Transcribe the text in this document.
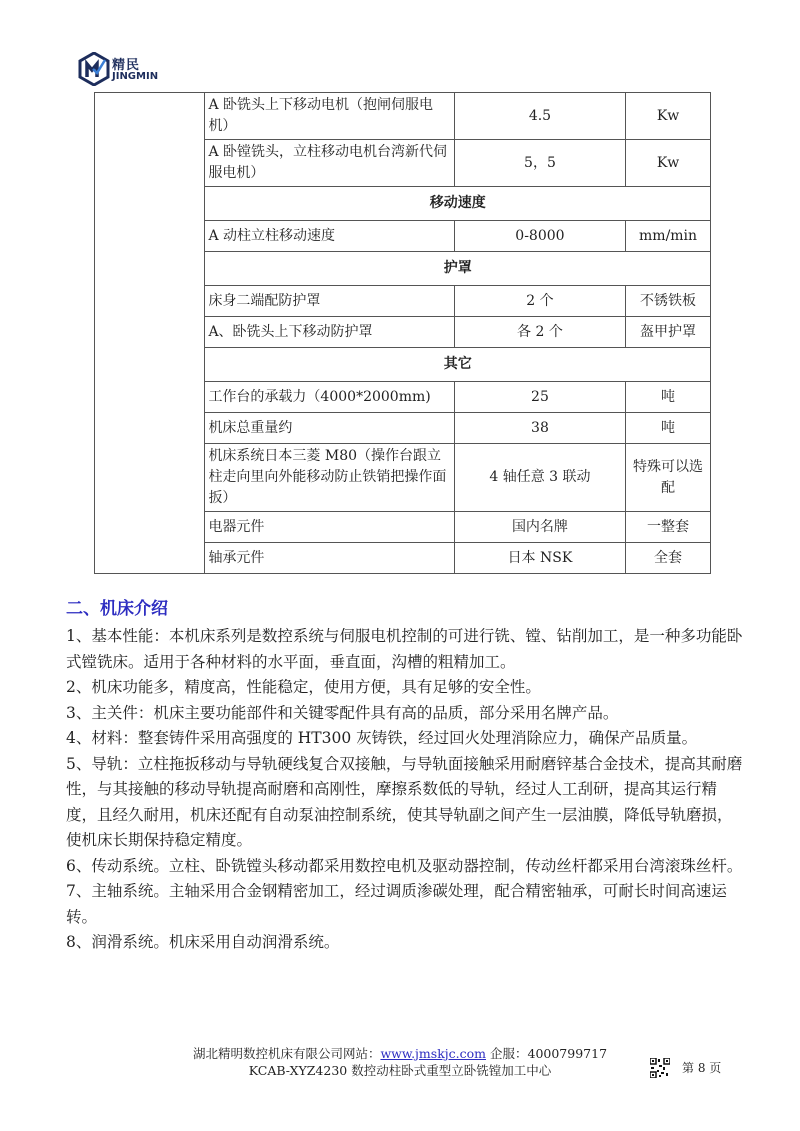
精民
JINGMIN
	A 卧铣头上下移动电机（抱闸伺服电机）	4.5	Kw
	A 卧镗铣头，立柱移动电机台湾新代伺服电机）	5，5	Kw
	移动速度		
	A 动柱立柱移动速度	0-8000	mm/min
	护罩		
	床身二端配防护罩	2 个	不锈铁板
	A、卧铣头上下移动防护罩	各 2 个	盔甲护罩
	其它		
	工作台的承载力（4000*2000mm)	25	吨
	机床总重量约	38	吨
	机床系统日本三菱 M80（操作台跟立柱走向里向外能移动防止铁销把操作面扳）	4 轴任意 3 联动	特殊可以选配
	电器元件	国内名牌	一整套
	轴承元件	日本 NSK	全套
二、机床介绍

1、基本性能：本机床系列是数控系统与伺服电机控制的可进行铣、镗、钻削加工，是一种多功能卧式镗铣床。适用于各种材料的水平面，垂直面，沟槽的粗精加工。

2、机床功能多，精度高，性能稳定，使用方便，具有足够的安全性。

3、主关件：机床主要功能部件和关键零配件具有高的品质，部分采用名牌产品。

4、材料：整套铸件采用高强度的 HT300 灰铸铁，经过回火处理消除应力，确保产品质量。

5、导轨：立柱拖扳移动与导轨硬线复合双接触，与导轨面接触采用耐磨锌基合金技术，提高其耐磨性，与其接触的移动导轨提高耐磨和高刚性，摩擦系数低的导轨，经过人工刮研，提高其运行精度，且经久耐用，机床还配有自动泵油控制系统，使其导轨副之间产生一层油膜，降低导轨磨损，使机床长期保持稳定精度。

6、传动系统。立柱、卧铣镗头移动都采用数控电机及驱动器控制，传动丝杆都采用台湾滚珠丝杆。

7、主轴系统。主轴采用合金钢精密加工，经过调质渗碳处理，配合精密轴承，可耐长时间高速运转。

8、润滑系统。机床采用自动润滑系统。

湖北精明数控机床有限公司网站：www.jmskjc.com 企服：4000799717
KCAB-XYZ4230 数控动柱卧式重型立卧铣镗加工中心	第 8 页
